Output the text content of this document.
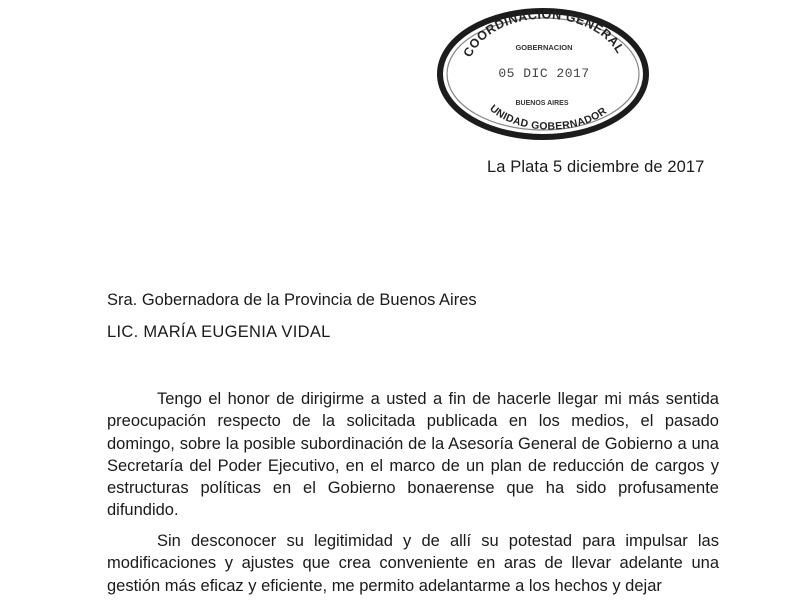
COORDINACION GENERAL
GOBERNACION
05 DIC 2017
BUENOS AIRES
UNIDAD GOBERNADOR
La Plata 5 diciembre de 2017
Sra. Gobernadora de la Provincia de Buenos Aires
LIC. MARÍA EUGENIA VIDAL

Tengo el honor de dirigirme a usted a fin de hacerle llegar mi más sentida preocupación respecto de la solicitada publicada en los medios, el pasado domingo, sobre la posible subordinación de la Asesoría General de Gobierno a una Secretaría del Poder Ejecutivo, en el marco de un plan de reducción de cargos y estructuras políticas en el Gobierno bonaerense que ha sido profusamente difundido.

Sin desconocer su legitimidad y de allí su potestad para impulsar las modificaciones y ajustes que crea conveniente en aras de llevar adelante una gestión más eficaz y eficiente, me permito adelantarme a los hechos y dejar
